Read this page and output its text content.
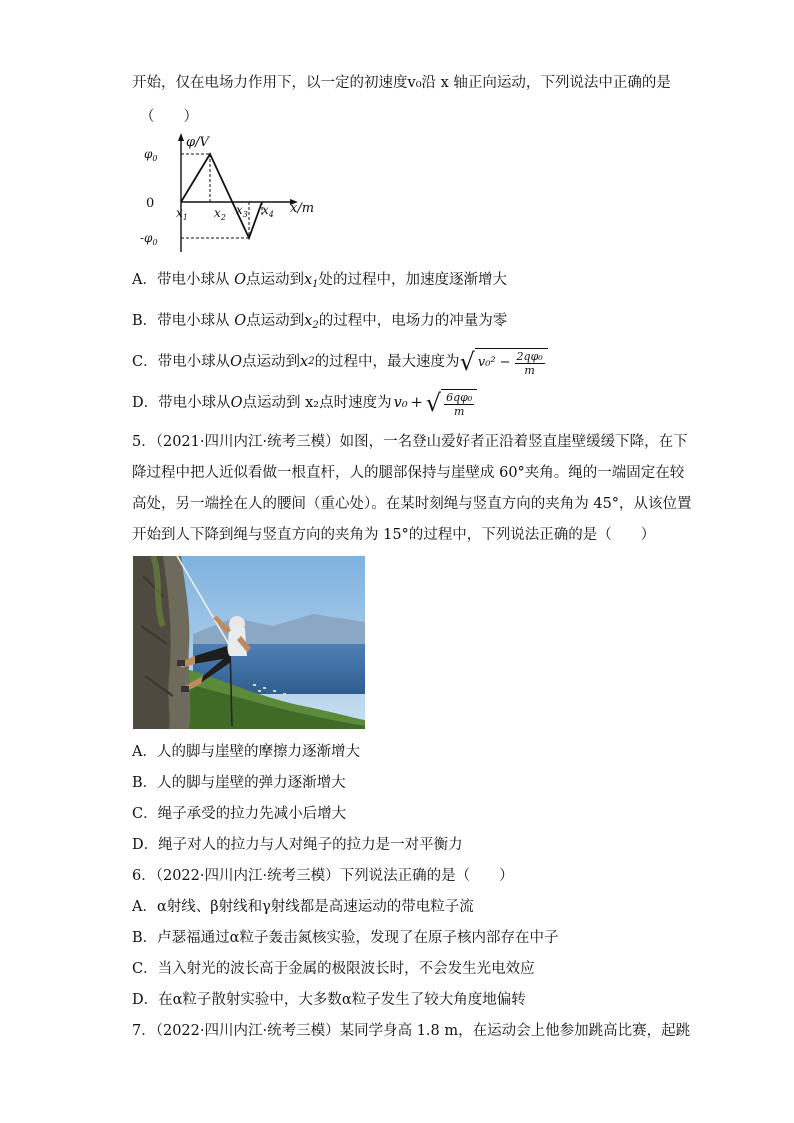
开始，仅在电场力作用下，以一定的初速度v₀沿 x 轴正向运动，下列说法中正确的是
（　　）
φ/V
x/m
0
$\varphi_0$
$-\varphi_0$
$x_1$ $x_2$
$x_3$ $x_4$
A．带电小球从 O点运动到$x_1$处的过程中，加速度逐渐增大
B．带电小球从 O点运动到$x_2$的过程中，电场力的冲量为零
C．带电小球从 O 点运动到 x 2 的过程中，最大速度为 √ $v_0^2 - \frac{\text{2qφ₀}}{m}$
D．带电小球从 O 点运动到 x₂点时速度为 v₀ + √ $\frac{\text{6qφ₀}}{m}$
5．（2021·四川内江·统考三模）如图，一名登山爱好者正沿着竖直崖壁缓缓下降，在下
降过程中把人近似看做一根直杆，人的腿部保持与崖壁成 60°夹角。绳的一端固定在较
高处，另一端拴在人的腰间（重心处）。在某时刻绳与竖直方向的夹角为 45°，从该位置
开始到人下降到绳与竖直方向的夹角为 15°的过程中，下列说法正确的是（　　）
A．人的脚与崖壁的摩擦力逐渐增大
B．人的脚与崖壁的弹力逐渐增大
C．绳子承受的拉力先减小后增大
D．绳子对人的拉力与人对绳子的拉力是一对平衡力
6．（2022·四川内江·统考三模）下列说法正确的是（　　）
A．α射线、β射线和γ射线都是高速运动的带电粒子流
B．卢瑟福通过α粒子轰击氮核实验，发现了在原子核内部存在中子
C．当入射光的波长高于金属的极限波长时，不会发生光电效应
D．在α粒子散射实验中，大多数α粒子发生了较大角度地偏转
7．（2022·四川内江·统考三模）某同学身高 1.8 m，在运动会上他参加跳高比赛，起跳
